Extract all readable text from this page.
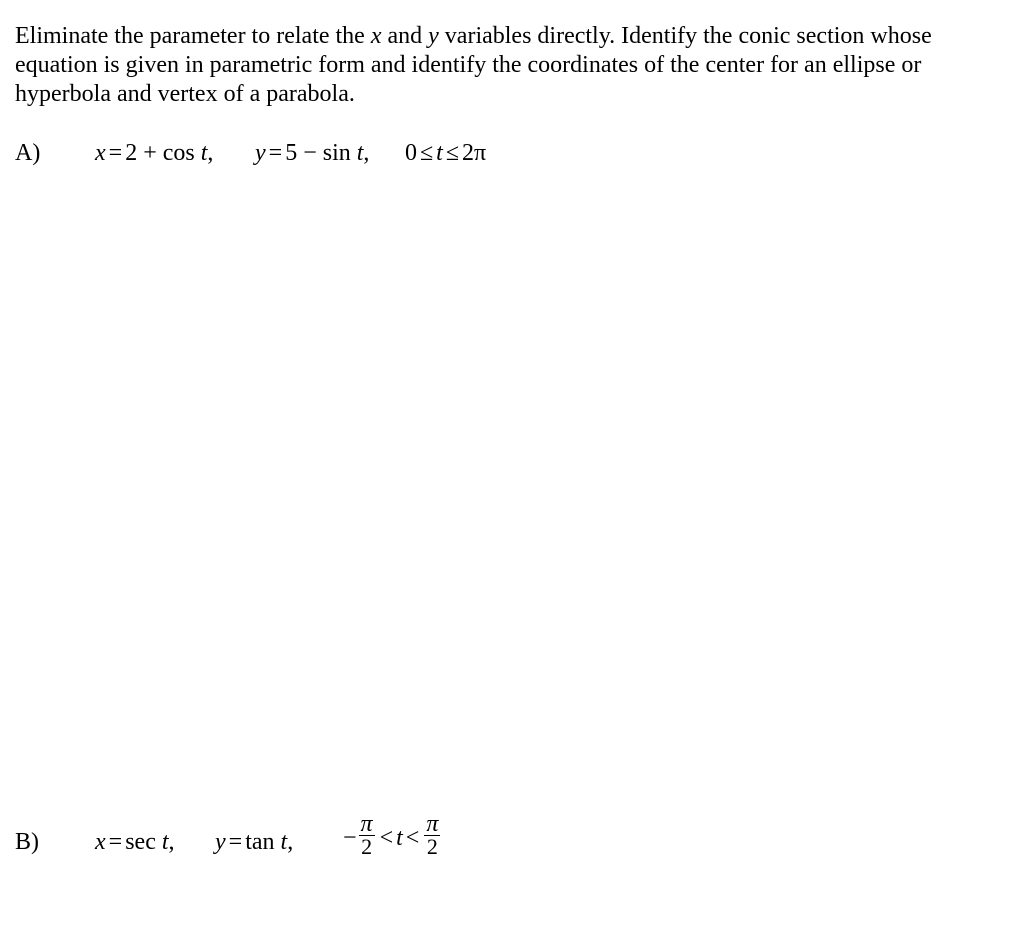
Eliminate the parameter to relate the x and y variables directly. Identify the conic section whose equation is given in parametric form and identify the coordinates of the center for an ellipse or hyperbola and vertex of a parabola.
A) x = 2 + cos t, y = 5 − sin t, 0 ≤ t ≤ 2π
B) x = sec t, y = tan t, − $\frac{\pi}{2} < t < \frac{\pi}{2}$
